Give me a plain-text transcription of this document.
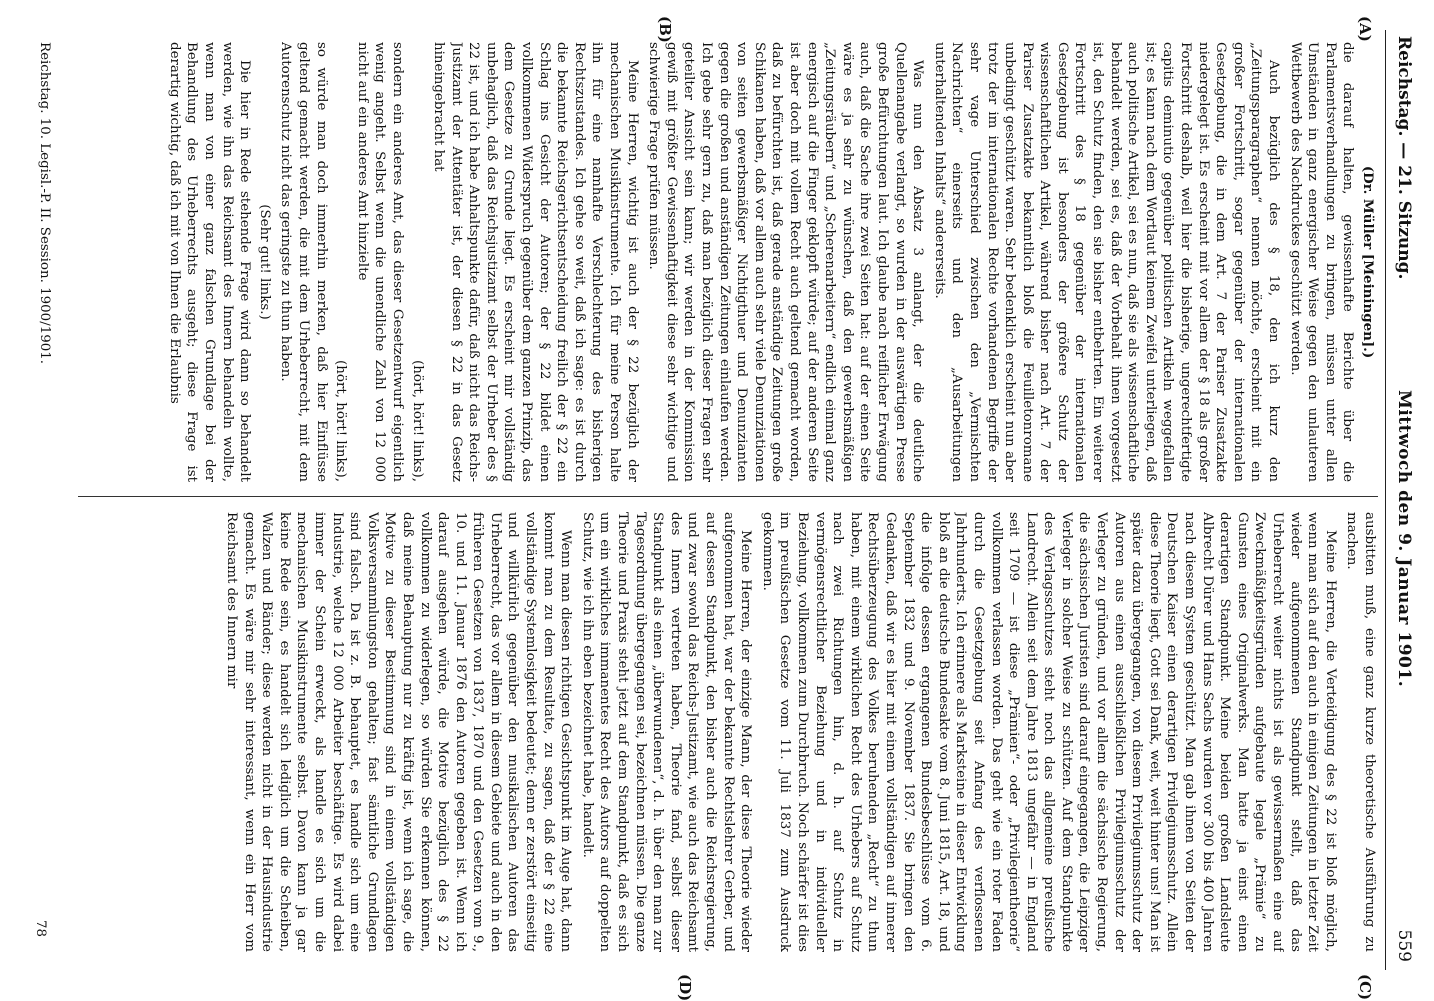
Reichstag. — 21. Sitzung.
Mittwoch den 9. Januar 1901.
559
(A)
(B)
(C)
(D)

(Dr. Müller [Meiningen].)

die darauf halten, gewissenhafte Berichte über die Parlamentsverhandlungen zu bringen, müssen unter allen Umständen in ganz energischer Weise gegen den unlauteren Wettbewerb des Nachdruckes geschützt werden.

Auch bezüglich des § 18, den ich kurz den „Zeitungsparagraphen“ nennen möchte, erscheint mit ein großer Fortschritt, sogar gegenüber der internationalen Gesetzgebung, die in dem Art. 7 der Pariser Zusatzakte niedergelegt ist. Es erscheint mit vor allem der § 18 als großer Fortschritt deshalb, weil hier die bisherige, ungerechtfertigte capitis deminutio gegenüber politischen Artikeln weggefallen ist; es kann nach dem Wortlaut keinem Zweifel unterliegen, daß auch politische Artikel, sei es nun, daß sie als wissenschaftliche behandelt werden, sei es, daß der Vorbehalt ihnen vorgesetzt ist, den Schutz finden, den sie bisher entbehrten. Ein weiterer Fortschritt des § 18 gegenüber der internationalen Gesetzgebung ist besonders der größere Schutz der wissenschaftlichen Artikel, während bisher nach Art. 7 der Pariser Zusatzakte bekanntlich bloß die Feuilletonromane unbedingt geschützt waren. Sehr bedenklich erscheint nun aber trotz der im internationalen Rechte vorhandenen Begriffe der sehr vage Unterschied zwischen den „Vermischten Nachrichten“ einerseits und den „Ausarbeitungen unterhaltenden Inhalts“ andererseits.

Was nun den Absatz 3 anlangt, der die deutliche Quellenangabe verlangt, so wurden in der auswärtigen Presse große Befürchtungen laut. Ich glaube nach reiflicher Erwägung auch, daß die Sache ihre zwei Seiten hat: auf der einen Seite wäre es ja sehr zu wünschen, daß den gewerbsmäßigen „Zeitungsräubern“ und „Scherenarbeitern“ endlich einmal ganz energisch auf die Finger geklopft würde; auf der anderen Seite ist aber doch mit vollem Recht auch geltend gemacht worden, daß zu befürchten ist, daß gerade anständige Zeitungen große Schikanen haben, daß vor allem auch sehr viele Denunziationen von seiten gewerbsmäßiger Nichtigthuer und Denunzianten gegen die großen und anständigen Zeitungen einlaufen werden. Ich gebe sehr gern zu, daß man bezüglich dieser Fragen sehr geteilter Ansicht sein kann; wir werden in der Kommission gewiß mit größter Gewissenhaftigkeit diese sehr wichtige und schwierige Frage prüfen müssen.

Meine Herren, wichtig ist auch der § 22 bezüglich der mechanischen Musikinstrumente. Ich für meine Person halte ihn für eine namhafte Verschlechterung des bisherigen Rechtszustandes. Ich gehe so weit, daß ich sage: es ist durch die bekannte Reichsgerichtsentscheidung freilich der § 22 ein Schlag ins Gesicht der Autoren; der § 22 bildet einen vollkommenen Widerspruch gegenüber dem ganzen Prinzip, das dem Gesetze zu Grunde liegt. Es erscheint mir vollständig unbehaglich, daß das Reichsjustizamt selbst der Urheber des § 22 ist, und ich habe Anhaltspunkte dafür, daß nicht das Reichs-Justizamt der Attentäter ist, der diesen § 22 in das Gesetz hineingebracht hat

(hört, hört! links),

sondern ein anderes Amt, das dieser Gesetzentwurf eigentlich wenig angeht. Selbst wenn die unendliche Zahl von 12 000 nicht auf ein anderes Amt hinzielte

(hört, hört! links),

so würde man doch immerhin merken, daß hier Einflüsse geltend gemacht werden, die mit dem Urheberrecht, mit dem Autorenschutz nicht das geringste zu thun haben.

(Sehr gut! links.)

Die hier in Rede stehende Frage wird dann so behandelt werden, wie ihn das Reichsamt des Innern behandeln wollte, wenn man von einer ganz falschen Grundlage bei der Behandlung des Urheberrechts ausgeht; diese Frage ist derartig wichtig, daß ich mit von Ihnen die Erlaubnis

ausbitten muß, eine ganz kurze theoretische Ausführung zu machen.

Meine Herren, die Verteidigung des § 22 ist bloß möglich, wenn man sich auf den auch in einigen Zeitungen in letzter Zeit wieder aufgenommenen Standpunkt stellt, daß das Urheberrecht weiter nichts ist als gewissermaßen eine auf Zweckmäßigkeitsgründen aufgebaute legale „Prämie“ zu Gunsten eines Originalwerks. Man hatte ja einst einen derartigen Standpunkt. Meine beiden großen Landsleute Albrecht Dürer und Hans Sachs wurden vor 300 bis 400 Jahren nach diesem System geschützt. Man gab ihnen von Seiten der Deutschen Kaiser einen derartigen Privilegiumsschutz. Allein diese Theorie liegt, Gott sei Dank, weit, weit hinter uns! Man ist später dazu übergegangen, von diesem Privilegiumsschutz der Autoren aus einen ausschließlichen Privilegiumsschutz der Verleger zu gründen, und vor allem die sächsische Regierung, die sächsischen Juristen sind darauf eingegangen, die Leipziger Verleger in solcher Weise zu schützen. Auf dem Standpunkte des Verlagsschutzes steht noch das allgemeine preußische Landrecht. Allein seit dem Jahre 1813 ungefähr — in England seit 1709 — ist diese „Prämien“- oder „Privilegientheorie“ vollkommen verlassen worden. Das geht wie ein roter Faden durch die Gesetzgebung seit Anfang des verflossenen Jahrhunderts. Ich erinnere als Marksteine in dieser Entwicklung bloß an die deutsche Bundesakte vom 8. Juni 1815, Art. 18, und die infolge dessen ergangenen Bundesbeschlüsse vom 6. September 1832 und 9. November 1837. Sie bringen den Gedanken, daß wir es hier mit einem vollständigen auf innerer Rechtsüberzeugung des Volkes beruhenden „Recht“ zu thun haben, mit einem wirklichen Recht des Urhebers auf Schutz nach zwei Richtungen hin, d. h. auf Schutz in vermögensrechtlicher Beziehung und in individueller Beziehung, vollkommen zum Durchbruch. Noch schärfer ist dies im preußischen Gesetze vom 11. Juli 1837 zum Ausdruck gekommen.

Meine Herren, der einzige Mann, der diese Theorie wieder aufgenommen hat, war der bekannte Rechtslehrer Gerber, und auf dessen Standpunkt, den bisher auch die Reichsregierung, und zwar sowohl das Reichs-Justizamt, wie auch das Reichsamt des Innern vertreten haben, Theorie fand, selbst dieser Standpunkt als einen „überwundenen“, d. h. über den man zur Tagesordnung übergegangen sei, bezeichnen müssen. Die ganze Theorie und Praxis steht jetzt auf dem Standpunkt, daß es sich um ein wirkliches immanentes Recht des Autors auf doppelten Schutz, wie ich ihn eben bezeichnet habe, handelt.

Wenn man diesen richtigen Gesichtspunkt im Auge hat, dann kommt man zu dem Resultate, zu sagen, daß der § 22 eine vollständige Systemlosigkeit bedeutet; denn er zerstört einseitig und willkürlich gegenüber den musikalischen Autoren das Urheberrecht, das vor allem in diesem Gebiete und auch in den früheren Gesetzen von 1837, 1870 und den Gesetzen vom 9., 10. und 11. Januar 1876 den Autoren gegeben ist. Wenn ich darauf ausgehen würde, die Motive bezüglich des § 22 vollkommen zu widerlegen, so würden Sie erkennen können, daß meine Behauptung nur zu kräftig ist, wenn ich sage, die Motive zu dieser Bestimmung sind in einem vollständigen Volksversammlungston gehalten; fast sämtliche Grundlagen sind falsch. Da ist z. B. behauptet, es handle sich um eine Industrie, welche 12 000 Arbeiter beschäftige. Es wird dabei immer der Schein erweckt, als handle es sich um die mechanischen Musikinstrumente selbst. Davon kann ja gar keine Rede sein, es handelt sich lediglich um die Scheiben, Walzen und Bänder; diese werden nicht in der Hausindustrie gemacht. Es wäre mir sehr interessant, wenn ein Herr vom Reichsamt des Innern mir

Reichstag. 10. Legisl.-P. II. Session. 1900/1901.
78
